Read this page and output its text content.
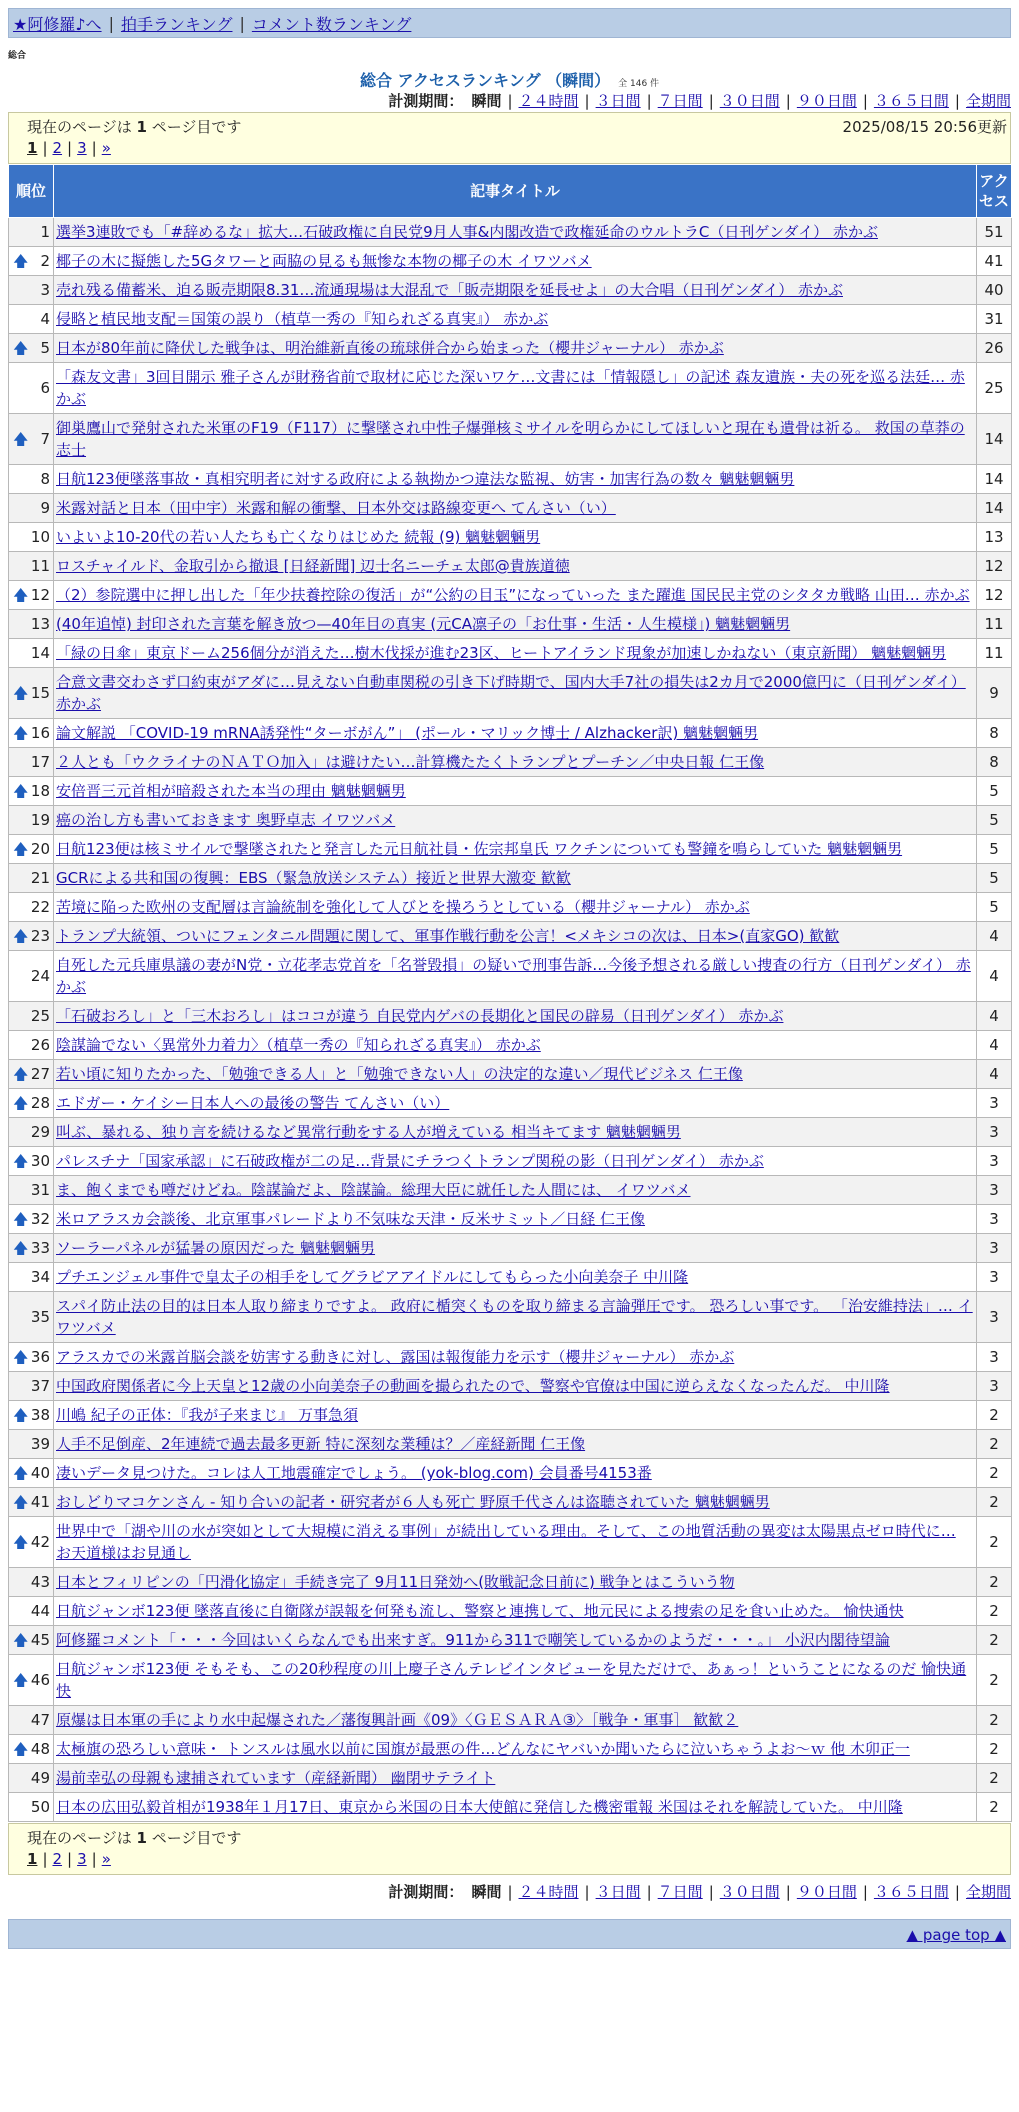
★阿修羅♪へ | 拍手ランキング | コメント数ランキング
総合
総合 アクセスランキング （瞬間） 全 146 件
計測期間： 瞬間 | ２４時間 | ３日間 | ７日間 | ３０日間 | ９０日間 | ３６５日間 | 全期間
現在のページは 1 ページ目です	2025/08/15 20:56更新
1 | 2 | 3 | »
順位	記事タイトル	アクセス
1	選挙3連敗でも「#辞めるな」拡大…石破政権に自民党9月人事&内閣改造で政権延命のウルトラC（日刊ゲンダイ） 赤かぶ	51

🡅 2	椰子の木に擬態した5Gタワーと両脇の見るも無惨な本物の椰子の木 イワツバメ	41
3	売れ残る備蓄米、迫る販売期限8.31…流通現場は大混乱で「販売期限を延長せよ」の大合唱（日刊ゲンダイ） 赤かぶ	40
4	侵略と植民地支配＝国策の誤り（植草一秀の『知られざる真実』） 赤かぶ	31

🡅 5	日本が80年前に降伏した戦争は、明治維新直後の琉球併合から始まった（櫻井ジャーナル） 赤かぶ	26
6	「森友文書」3回目開示 雅子さんが財務省前で取材に応じた深いワケ…文書には「情報隠し」の記述 森友遺族・夫の死を巡る法廷… 赤かぶ	25

🡅 7	御巣鷹山で発射された米軍のF19（F117）に撃墜され中性子爆弾核ミサイルを明らかにしてほしいと現在も遺骨は祈る。 救国の草莽の志士	14
8	日航123便墜落事故・真相究明者に対する政府による執拗かつ違法な監視、妨害・加害行為の数々 魑魅魍魎男	14
9	米露対話と日本（田中宇）米露和解の衝撃、日本外交は路線変更へ てんさい（い）	14
10	いよいよ10-20代の若い人たちも亡くなりはじめた 続報 (9) 魑魅魍魎男	13
11	ロスチャイルド、金取引から撤退 [日経新聞] 辺士名ニーチェ太郎@貴族道徳	12

🡅 12	（2）参院選中に押し出した「年少扶養控除の復活」が“公約の目玉”になっていった また躍進 国民民主党のシタタカ戦略 山田… 赤かぶ	12
13	(40年追悼) 封印された言葉を解き放つ—40年目の真実 (元CA凛子の「お仕事・生活・人生模様」) 魑魅魍魎男	11
14	「緑の日傘」東京ドーム256個分が消えた…樹木伐採が進む23区、ヒートアイランド現象が加速しかねない（東京新聞） 魑魅魍魎男	11

🡅 15	合意文書交わさず口約束がアダに…見えない自動車関税の引き下げ時期で、国内大手7社の損失は2カ月で2000億円に（日刊ゲンダイ） 赤かぶ	9

🡅 16	論文解説 「COVID-19 mRNA誘発性“ターボがん”」 (ポール・マリック博士 / Alzhacker訳) 魑魅魍魎男	8
17	２人とも「ウクライナのＮＡＴＯ加入」は避けたい…計算機たたくトランプとプーチン／中央日報 仁王像	8

🡅 18	安倍晋三元首相が暗殺された本当の理由 魑魅魍魎男	5
19	癌の治し方も書いておきます 奥野卓志 イワツバメ	5

🡅 20	日航123便は核ミサイルで撃墜されたと発言した元日航社員・佐宗邦皇氏 ワクチンについても警鐘を鳴らしていた 魑魅魍魎男	5
21	GCRによる共和国の復興：EBS（緊急放送システム）接近と世界大激変 歓歓	5
22	苦境に陥った欧州の支配層は言論統制を強化して人びとを操ろうとしている（櫻井ジャーナル） 赤かぶ	5

🡅 23	トランプ大統領、ついにフェンタニル問題に関して、軍事作戦行動を公言！<メキシコの次は、日本>(直家GO) 歓歓	4
24	自死した元兵庫県議の妻がN党・立花孝志党首を「名誉毀損」の疑いで刑事告訴…今後予想される厳しい捜査の行方（日刊ゲンダイ） 赤かぶ	4
25	「石破おろし」と「三木おろし」はココが違う 自民党内ゲバの長期化と国民の辟易（日刊ゲンダイ） 赤かぶ	4
26	陰謀論でない〈異常外力着力〉（植草一秀の『知られざる真実』） 赤かぶ	4

🡅 27	若い頃に知りたかった、「勉強できる人」と「勉強できない人」の決定的な違い／現代ビジネス 仁王像	4

🡅 28	エドガー・ケイシー日本人への最後の警告 てんさい（い）	3
29	叫ぶ、暴れる、独り言を続けるなど異常行動をする人が増えている 相当キてます 魑魅魍魎男	3

🡅 30	パレスチナ「国家承認」に石破政権が二の足…背景にチラつくトランプ関税の影（日刊ゲンダイ） 赤かぶ	3
31	ま、飽くまでも噂だけどね。陰謀論だよ、陰謀論。総理大臣に就任した人間には、 イワツバメ	3

🡅 32	米ロアラスカ会談後、北京軍事パレードより不気味な天津・反米サミット／日経 仁王像	3

🡅 33	ソーラーパネルが猛暑の原因だった 魑魅魍魎男	3
34	プチエンジェル事件で皇太子の相手をしてグラビアアイドルにしてもらった小向美奈子 中川隆	3
35	スパイ防止法の目的は日本人取り締まりですよ。 政府に楯突くものを取り締まる言論弾圧です。 恐ろしい事です。 「治安維持法」… イワツバメ	3

🡅 36	アラスカでの米露首脳会談を妨害する動きに対し、露国は報復能力を示す（櫻井ジャーナル） 赤かぶ	3
37	中国政府関係者に今上天皇と12歳の小向美奈子の動画を撮られたので、警察や官僚は中国に逆らえなくなったんだ。 中川隆	3

🡅 38	川嶋 紀子の正体：『我が子来まじ』 万事急須	2
39	人手不足倒産、2年連続で過去最多更新 特に深刻な業種は？／産経新聞 仁王像	2

🡅 40	凄いデータ見つけた。コレは人工地震確定でしょう。 (yok-blog.com) 会員番号4153番	2

🡅 41	おしどりマコケンさん - 知り合いの記者・研究者が６人も死亡 野原千代さんは盗聴されていた 魑魅魍魎男	2

🡅 42	世界中で「湖や川の水が突如として大規模に消える事例」が続出している理由。そして、この地質活動の異変は太陽黒点ゼロ時代に… お天道様はお見通し	2
43	日本とフィリピンの「円滑化協定」手続き完了 9月11日発効へ(敗戦記念日前に) 戦争とはこういう物	2
44	日航ジャンボ123便 墜落直後に自衛隊が誤報を何発も流し、警察と連携して、地元民による捜索の足を食い止めた。 愉快通快	2

🡅 45	阿修羅コメント「・・・今回はいくらなんでも出来すぎ。911から311で嘲笑しているかのようだ・・・。」 小沢内閣待望論	2

🡅 46	日航ジャンボ123便 そもそも、この20秒程度の川上慶子さんテレビインタビューを見ただけで、あぁっ！ということになるのだ 愉快通快	2
47	原爆は日本軍の手により水中起爆された／藩復興計画《09》〈ＧＥＳＡＲＡ③〉［戦争・軍事］ 歓歓２	2

🡅 48	太極旗の恐ろしい意味・ トンスルは風水以前に国旗が最悪の件…どんなにヤバいか聞いたらに泣いちゃうよお～ｗ 他 木卯正一	2
49	湯前幸弘の母親も逮捕されています（産経新聞） 幽閉サテライト	2
50	日本の広田弘毅首相が1938年１月17日、東京から米国の日本大使館に発信した機密電報 米国はそれを解読していた。 中川隆	2
現在のページは 1 ページ目です
1 | 2 | 3 | »
計測期間： 瞬間 | ２４時間 | ３日間 | ７日間 | ３０日間 | ９０日間 | ３６５日間 | 全期間
▲ page top ▲
